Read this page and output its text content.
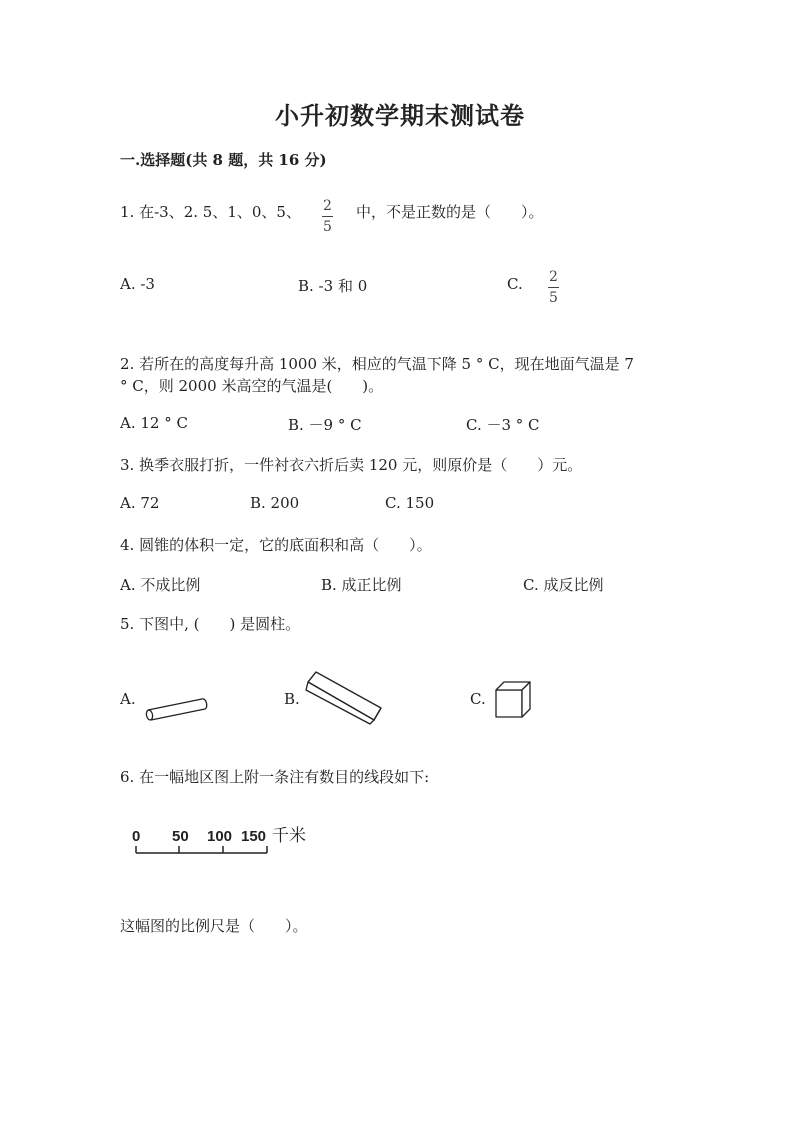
小升初数学期末测试卷
一.选择题(共 8 题，共 16 分)
1. 在-3、2. 5、1、0、5、 $\frac{2}{5}$ 中，不是正数的是（　　）。
A. -3	B. -3 和 0	C. $\frac{2}{5}$
2. 若所在的高度每升高 1000 米，相应的气温下降 5 ° C，现在地面气温是 7
° C，则 2000 米高空的气温是(　　)。
A. 12 ° C	B. －9 ° C	C. －3 ° C
3. 换季衣服打折，一件衬衣六折后卖 120 元，则原价是（　　）元。
A. 72	B. 200	C. 150
4. 圆锥的体积一定，它的底面积和高（　　）。
A. 不成比例	B. 成正比例	C. 成反比例
5. 下图中, (　　) 是圆柱。
A.	B.	C.
6. 在一幅地区图上附一条注有数目的线段如下:
0 50 100 150 千米
这幅图的比例尺是（　　）。
